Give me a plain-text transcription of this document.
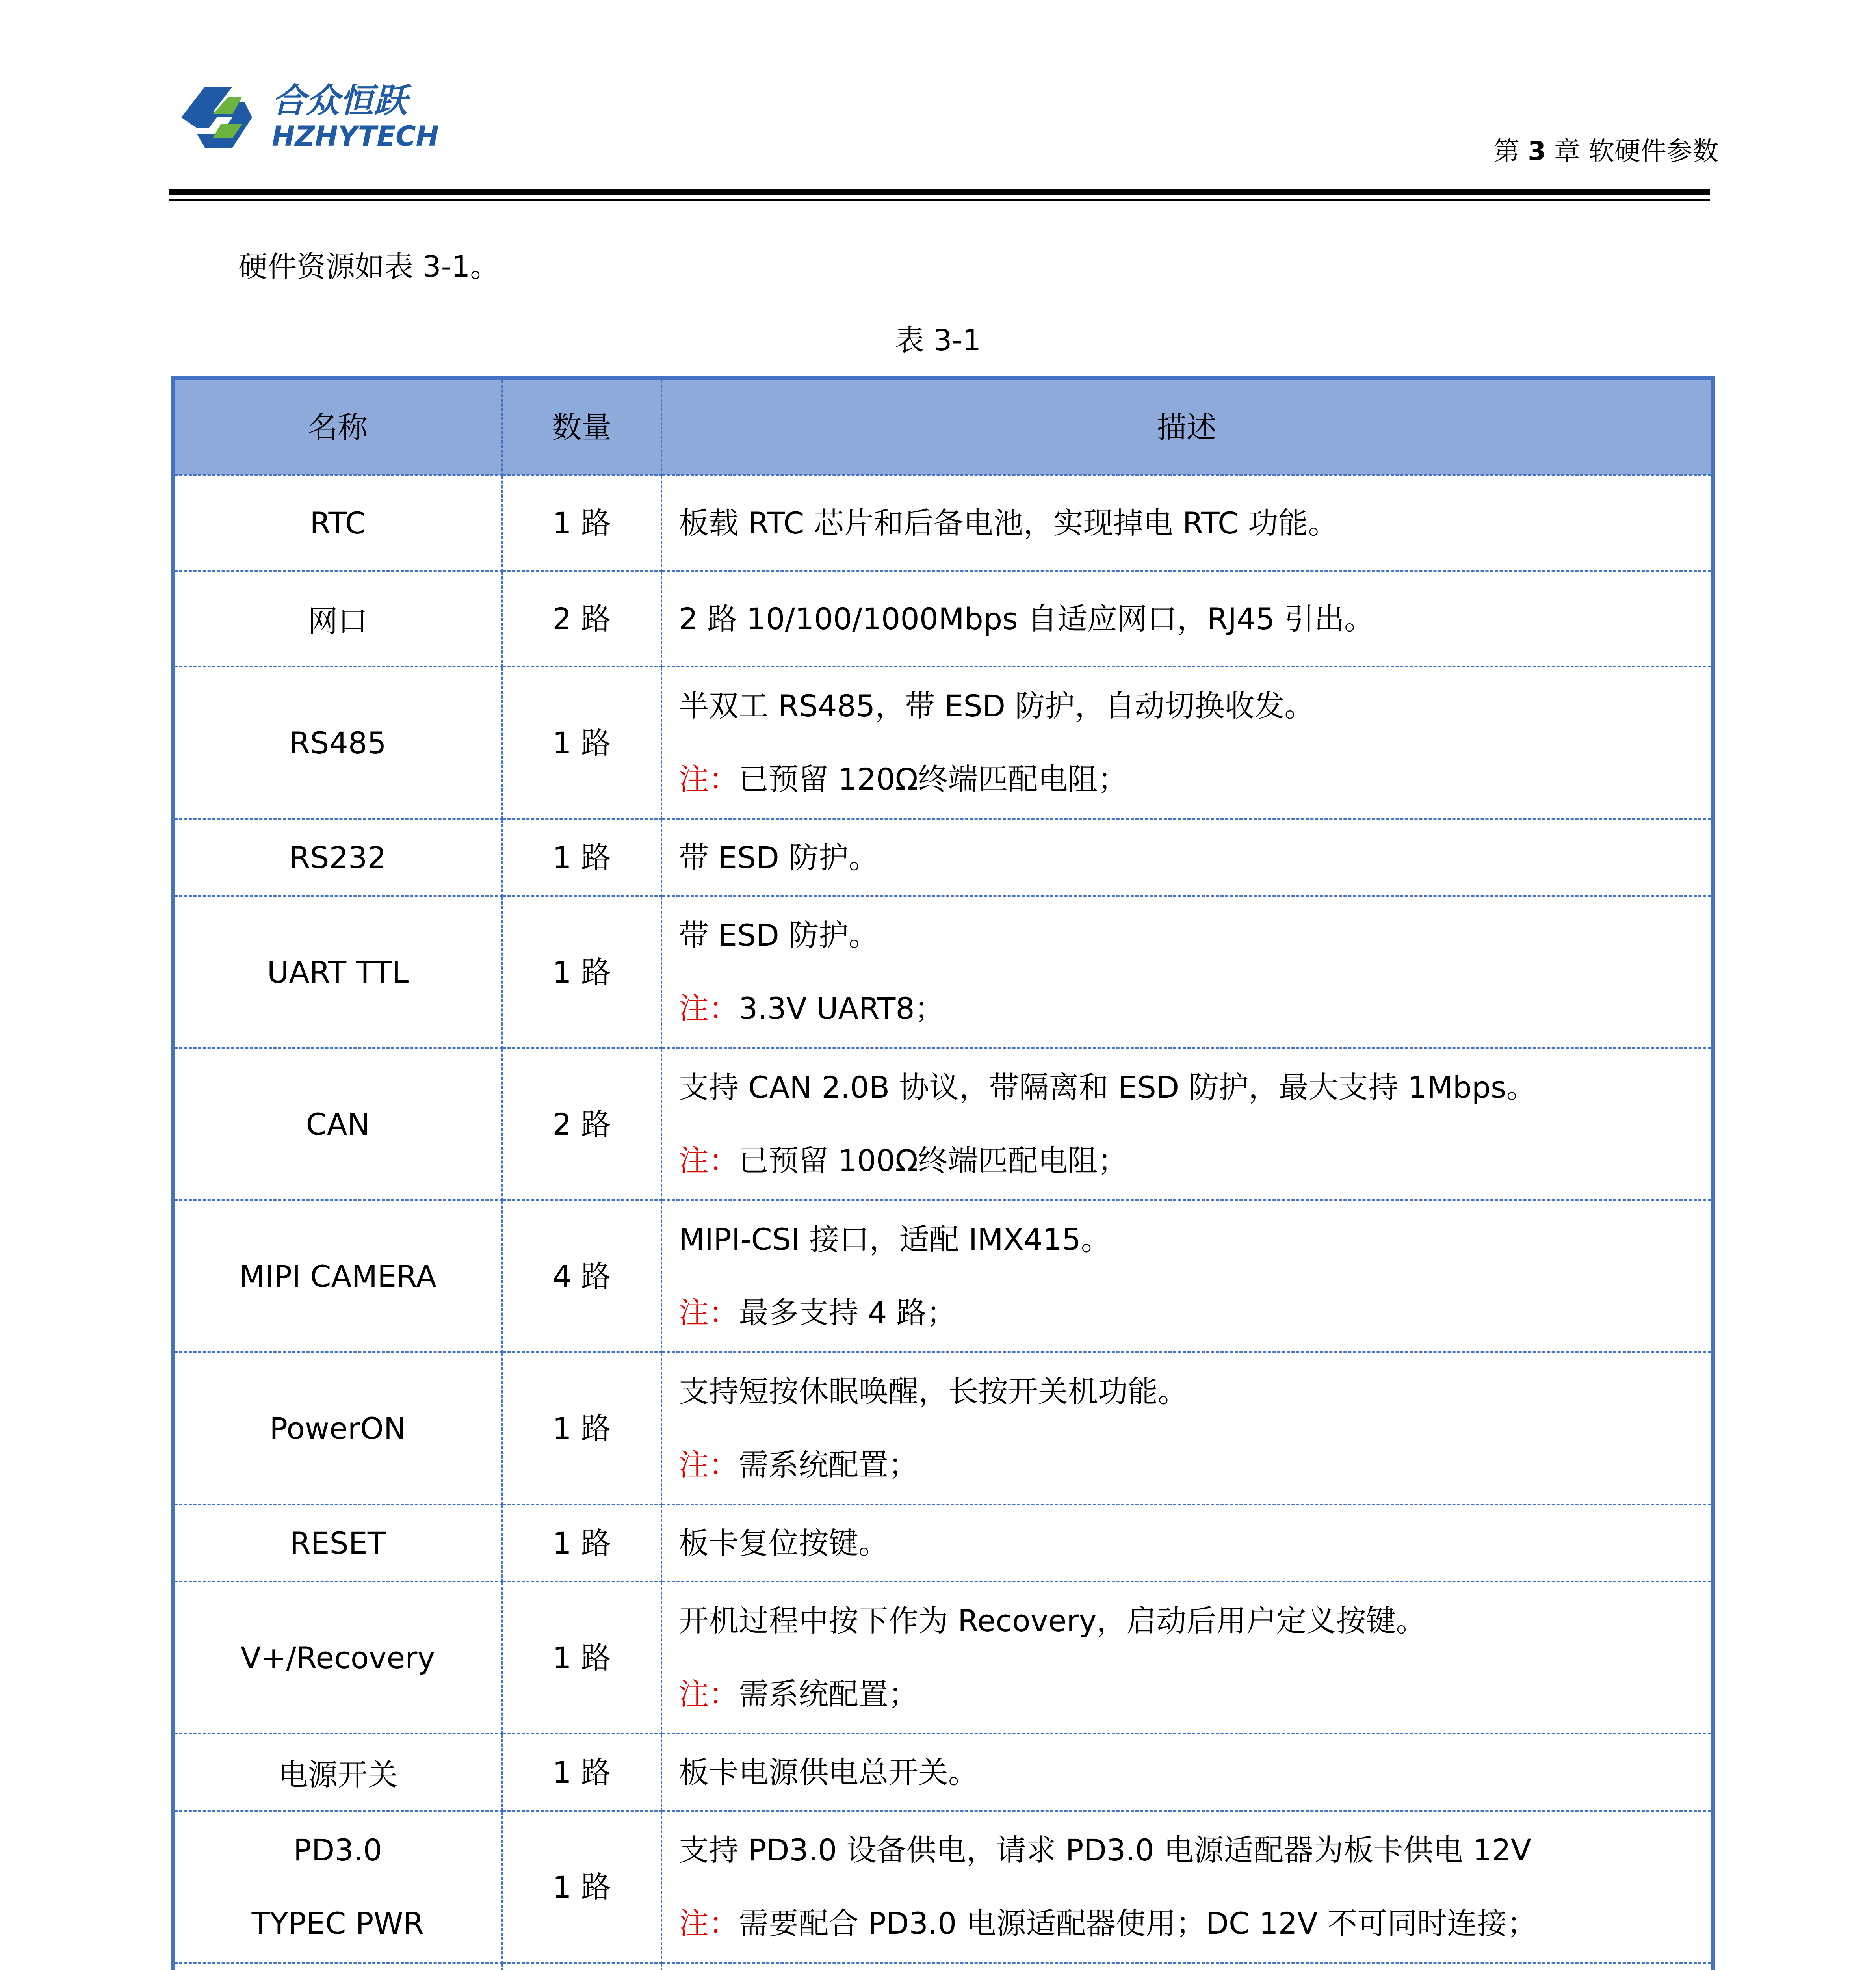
合众恒跃
HZHYTECH	第 3 章 软硬件参数
硬件资源如表 3-1。
表 3-1
名称	数量	描述
RTC	1 路	板载 RTC 芯片和后备电池，实现掉电 RTC 功能。
网口	2 路	2 路 10/100/1000Mbps 自适应网口，RJ45 引出。
RS485	1 路	半双工 RS485，带 ESD 防护，自动切换收发。
注：已预留 120Ω终端匹配电阻；

RS232	1 路	带 ESD 防护。
UART TTL	1 路	带 ESD 防护。
注：3.3V UART8；

CAN	2 路	支持 CAN 2.0B 协议，带隔离和 ESD 防护，最大支持 1Mbps。
注：已预留 100Ω终端匹配电阻；

MIPI CAMERA	4 路	MIPI-CSI 接口，适配 IMX415。
注：最多支持 4 路；

PowerON	1 路	支持短按休眠唤醒，长按开关机功能。
注：需系统配置；

RESET	1 路	板卡复位按键。
V+/Recovery	1 路	开机过程中按下作为 Recovery，启动后用户定义按键。
注：需系统配置；

电源开关	1 路	板卡电源供电总开关。

PD3.0
TYPEC PWR	1 路	支持 PD3.0 设备供电，请求 PD3.0 电源适配器为板卡供电 12V
注：需要配合 PD3.0 电源适配器使用；DC 12V 不可同时连接；
